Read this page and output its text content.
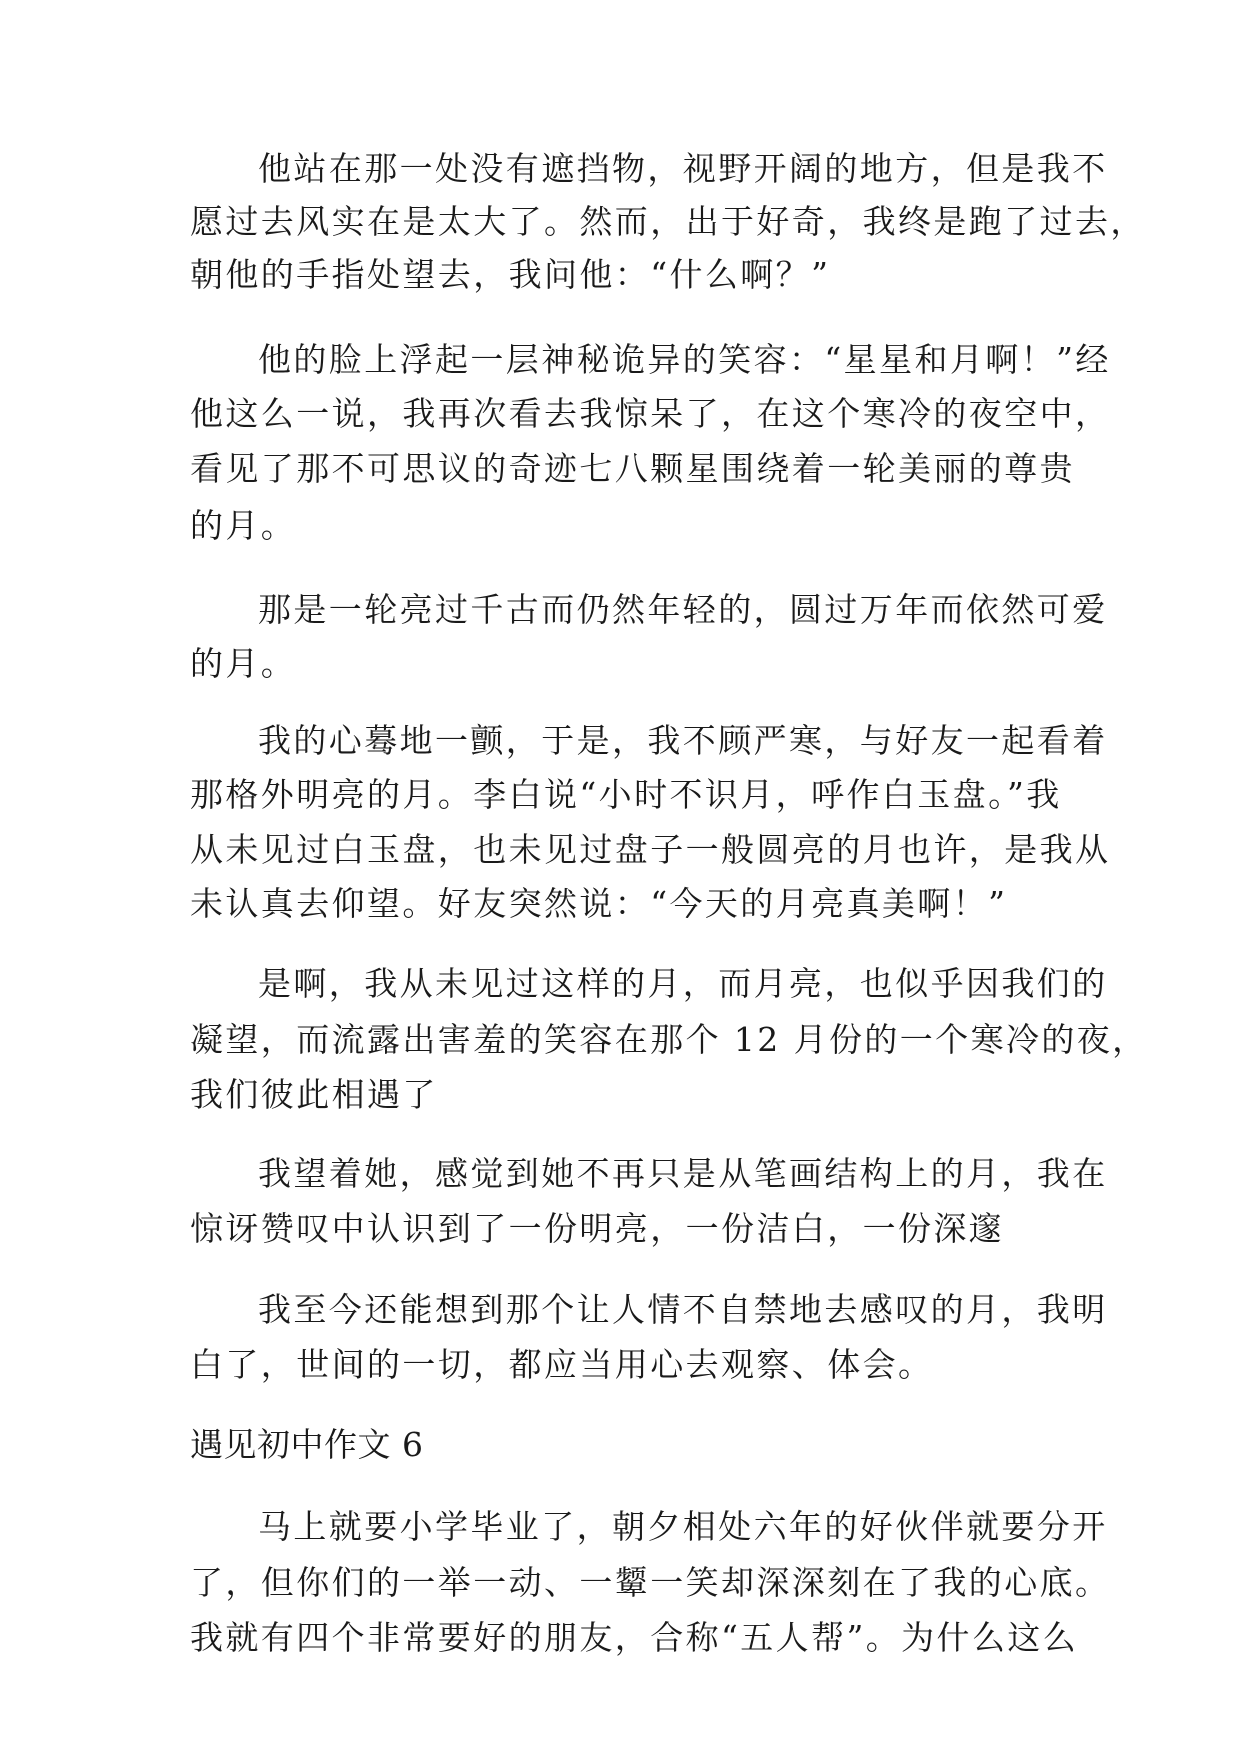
他站在那一处没有遮挡物，视野开阔的地方，但是我不
愿过去风实在是太大了。然而，出于好奇，我终是跑了过去，
朝他的手指处望去，我问他：“什么啊？”
他的脸上浮起一层神秘诡异的笑容：“星星和月啊！”经
他这么一说，我再次看去我惊呆了，在这个寒冷的夜空中，
看见了那不可思议的奇迹七八颗星围绕着一轮美丽的尊贵
的月。
那是一轮亮过千古而仍然年轻的，圆过万年而依然可爱
的月。
我的心蓦地一颤，于是，我不顾严寒，与好友一起看着
那格外明亮的月。李白说“小时不识月，呼作白玉盘。”我
从未见过白玉盘，也未见过盘子一般圆亮的月也许，是我从
未认真去仰望。好友突然说：“今天的月亮真美啊！”
是啊，我从未见过这样的月，而月亮，也似乎因我们的
凝望，而流露出害羞的笑容在那个 12 月份的一个寒冷的夜，
我们彼此相遇了
我望着她，感觉到她不再只是从笔画结构上的月，我在
惊讶赞叹中认识到了一份明亮，一份洁白，一份深邃
我至今还能想到那个让人情不自禁地去感叹的月，我明
白了，世间的一切，都应当用心去观察、体会。
遇见初中作文 6
马上就要小学毕业了，朝夕相处六年的好伙伴就要分开
了，但你们的一举一动、一颦一笑却深深刻在了我的心底。
我就有四个非常要好的朋友，合称“五人帮”。为什么这么
